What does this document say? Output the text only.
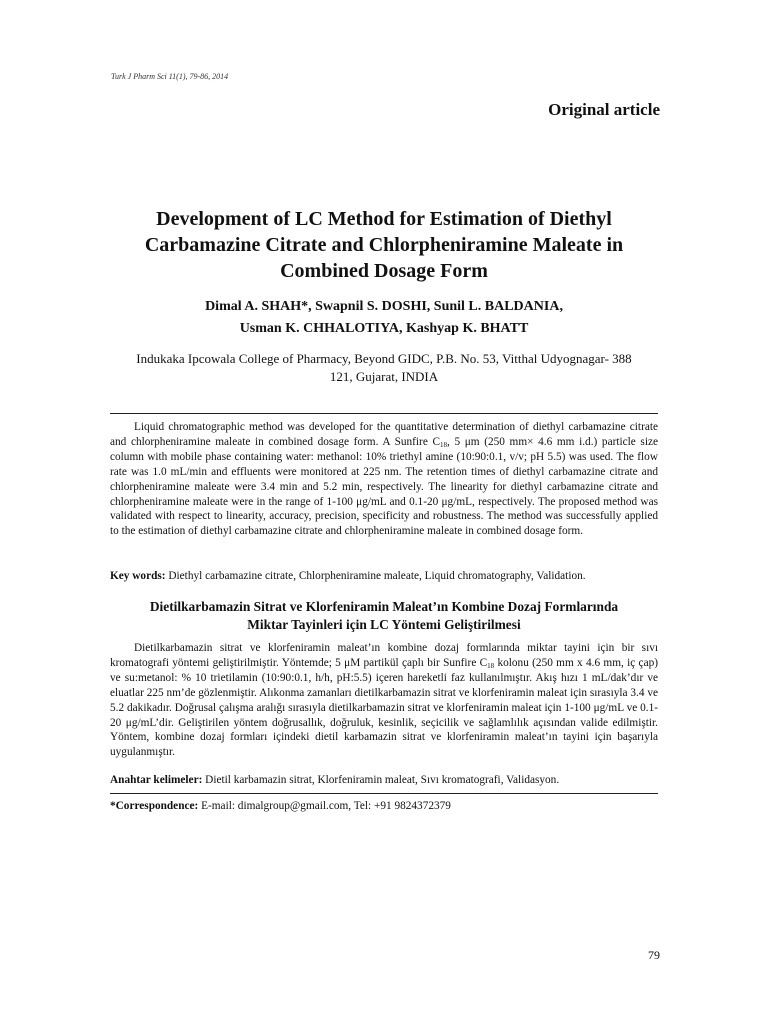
Turk J Pharm Sci 11(1), 79-86, 2014
Original article
Development of LC Method for Estimation of Diethyl
Carbamazine Citrate and Chlorpheniramine Maleate in
Combined Dosage Form
Dimal A. SHAH*, Swapnil S. DOSHI, Sunil L. BALDANIA,
Usman K. CHHALOTIYA, Kashyap K. BHATT
Indukaka Ipcowala College of Pharmacy, Beyond GIDC, P.B. No. 53, Vitthal Udyognagar- 388
121, Gujarat, INDIA
Liquid chromatographic method was developed for the quantitative determination of diethyl carbamazine citrate and chlorpheniramine maleate in combined dosage form. A Sunfire $C_{18}$, 5 μm (250 mm× 4.6 mm i.d.) particle size column with mobile phase containing water: methanol: 10% triethyl amine (10:90:0.1, v/v; pH 5.5) was used. The flow rate was 1.0 mL/min and effluents were monitored at 225 nm. The retention times of diethyl carbamazine citrate and chlorpheniramine maleate were 3.4 min and 5.2 min, respectively. The linearity for diethyl carbamazine citrate and chlorpheniramine maleate were in the range of 1-100 μg/mL and 0.1-20 μg/mL, respectively. The proposed method was validated with respect to linearity, accuracy, precision, specificity and robustness. The method was successfully applied to the estimation of diethyl carbamazine citrate and chlorpheniramine maleate in combined dosage form.
Key words: Diethyl carbamazine citrate, Chlorpheniramine maleate, Liquid chromatography, Validation.
Dietilkarbamazin Sitrat ve Klorfeniramin Maleat’ın Kombine Dozaj Formlarında
Miktar Tayinleri için LC Yöntemi Geliştirilmesi
Dietilkarbamazin sitrat ve klorfeniramin maleat’ın kombine dozaj formlarında miktar tayini için bir sıvı kromatografi yöntemi geliştirilmiştir. Yöntemde; 5 μM partikül çaplı bir Sunfire $C_{18}$ kolonu (250 mm x 4.6 mm, iç çap) ve su:metanol: % 10 trietilamin (10:90:0.1, h/h, pH:5.5) içeren hareketli faz kullanılmıştır. Akış hızı 1 mL/dak’dır ve eluatlar 225 nm’de gözlenmiştir. Alıkonma zamanları dietilkarbamazin sitrat ve klorfeniramin maleat için sırasıyla 3.4 ve 5.2 dakikadır. Doğrusal çalışma aralığı sırasıyla dietilkarbamazin sitrat ve klorfeniramin maleat için 1-100 μg/mL ve 0.1-20 μg/mL’dir. Geliştirilen yöntem doğrusallık, doğruluk, kesinlik, seçicilik ve sağlamlılık açısından valide edilmiştir. Yöntem, kombine dozaj formları içindeki dietil karbamazin sitrat ve klorfeniramin maleat’ın tayini için başarıyla uygulanmıştır.
Anahtar kelimeler: Dietil karbamazin sitrat, Klorfeniramin maleat, Sıvı kromatografi, Validasyon.
*Correspondence: E-mail: dimalgroup@gmail.com, Tel: +91 9824372379
79
